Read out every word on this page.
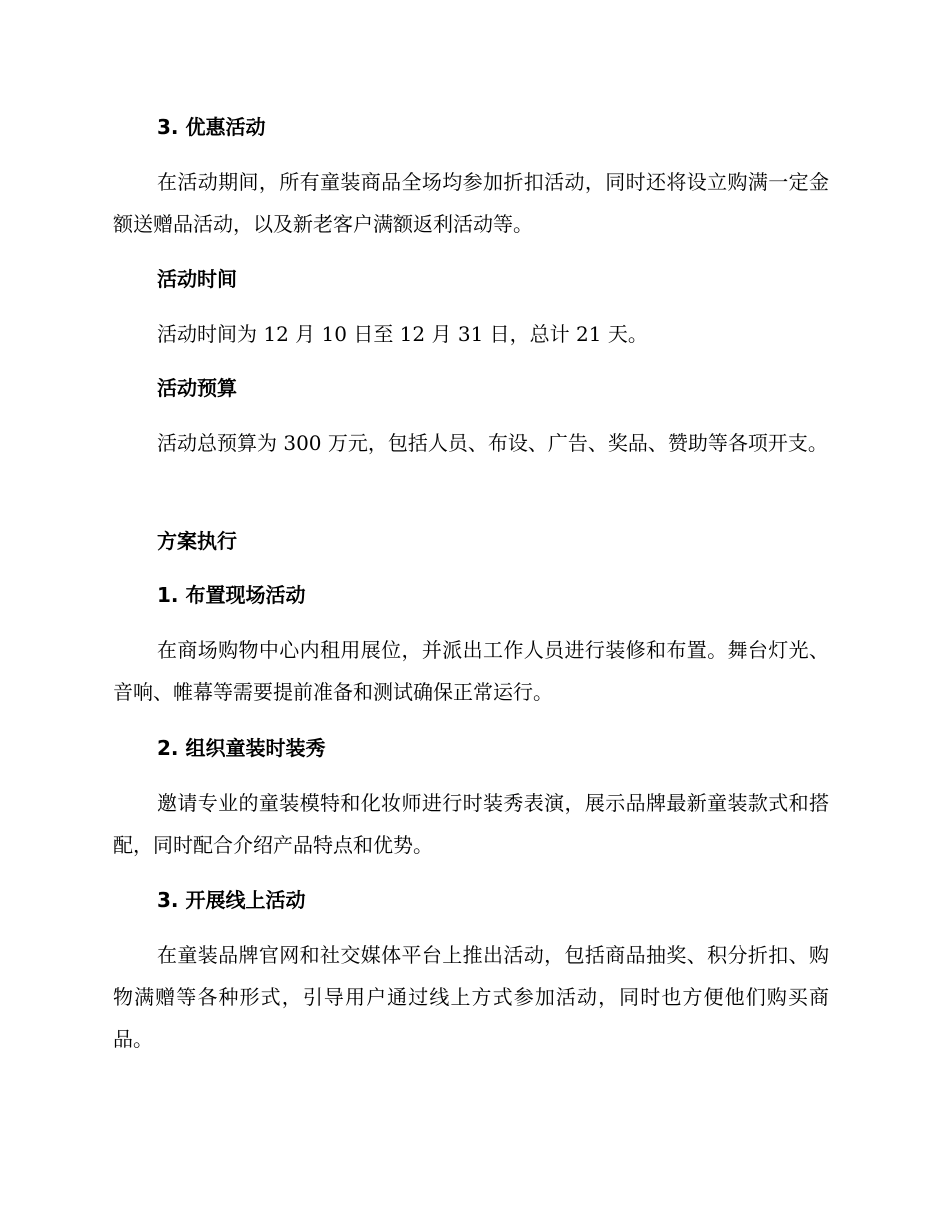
3. 优惠活动
在活动期间，所有童装商品全场均参加折扣活动，同时还将设立购满一定金额送赠品活动，以及新老客户满额返利活动等。
活动时间
活动时间为 12 月 10 日至 12 月 31 日，总计 21 天。
活动预算
活动总预算为 300 万元，包括人员、布设、广告、奖品、赞助等各项开支。
方案执行
1. 布置现场活动
在商场购物中心内租用展位，并派出工作人员进行装修和布置。舞台灯光、音响、帷幕等需要提前准备和测试确保正常运行。
2. 组织童装时装秀
邀请专业的童装模特和化妆师进行时装秀表演，展示品牌最新童装款式和搭配，同时配合介绍产品特点和优势。
3. 开展线上活动
在童装品牌官网和社交媒体平台上推出活动，包括商品抽奖、积分折扣、购物满赠等各种形式，引导用户通过线上方式参加活动，同时也方便他们购买商品。
